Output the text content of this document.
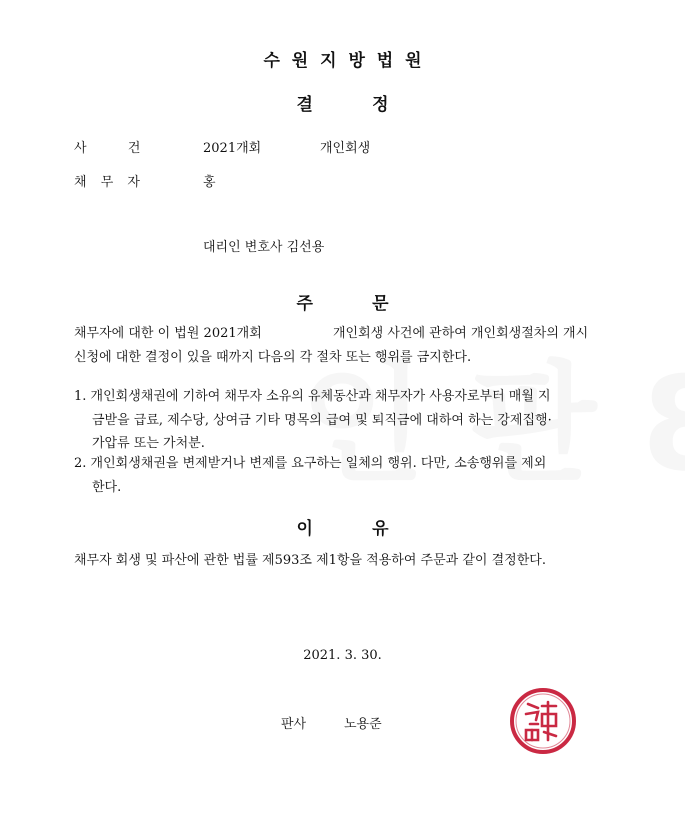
수 원 지 방 법 원
결          정
사          건	2021개회	개인회생
채 무 자	홍
대리인 변호사 김선용
주          문
채무자에 대한 이 법원 2021개회	개인회생 사건에 관하여 개인회생절차의 개시
신청에 대한 결정이 있을 때까지 다음의 각 절차 또는 행위를 금지한다.
1. 개인회생채권에 기하여 채무자 소유의 유체동산과 채무자가 사용자로부터 매월 지
금받을 급료, 제수당, 상여금 기타 명목의 급여 및 퇴직금에 대하여 하는 강제집행·
가압류 또는 가처분.
2. 개인회생채권을 변제받거나 변제를 요구하는 일체의 행위. 다만, 소송행위를 제외
한다.
이          유
채무자 회생 및 파산에 관한 법률 제593조 제1항을 적용하여 주문과 같이 결정한다.
2021. 3. 30.
판사	노용준
